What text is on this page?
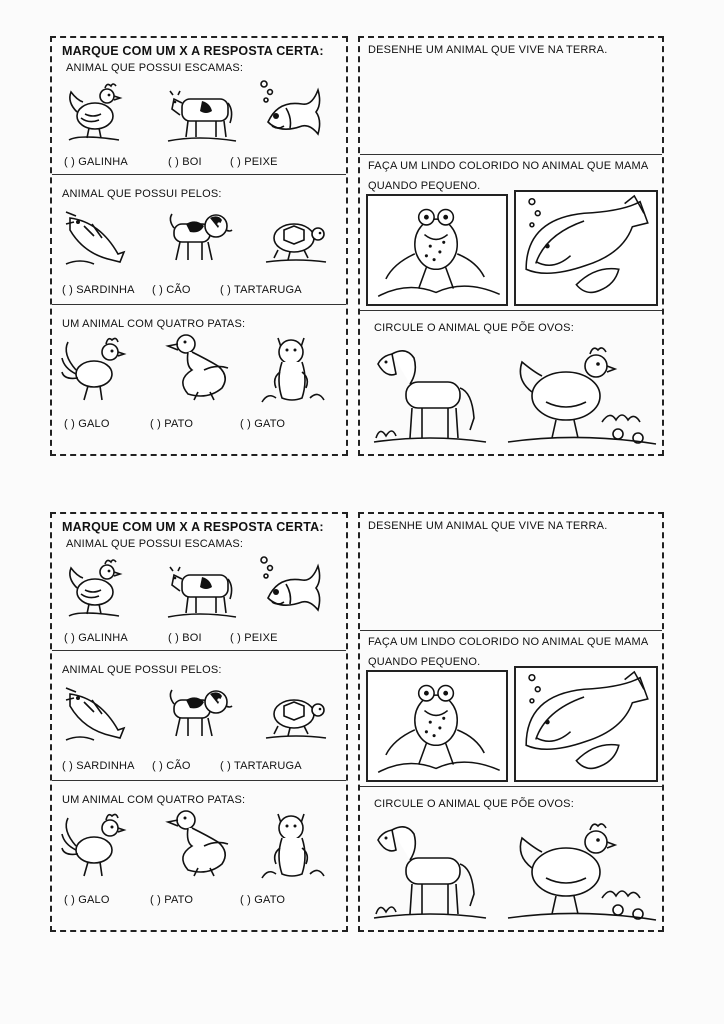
MARQUE COM UM X A RESPOSTA CERTA:
ANIMAL QUE POSSUI ESCAMAS:
( ) GALINHA	( ) BOI	( ) PEIXE
ANIMAL QUE POSSUI PELOS:
( ) SARDINHA ( ) CÃO	( ) TARTARUGA
UM ANIMAL COM QUATRO PATAS:
( ) GALO	( ) PATO	( ) GATO
DESENHE UM ANIMAL QUE VIVE NA TERRA.
FAÇA UM LINDO COLORIDO NO ANIMAL QUE MAMA
QUANDO PEQUENO.
CIRCULE O ANIMAL QUE PÕE OVOS:
MARQUE COM UM X A RESPOSTA CERTA:
ANIMAL QUE POSSUI ESCAMAS:
( ) GALINHA	( ) BOI	( ) PEIXE
ANIMAL QUE POSSUI PELOS:
( ) SARDINHA ( ) CÃO	( ) TARTARUGA
UM ANIMAL COM QUATRO PATAS:
( ) GALO	( ) PATO	( ) GATO
DESENHE UM ANIMAL QUE VIVE NA TERRA.
FAÇA UM LINDO COLORIDO NO ANIMAL QUE MAMA
QUANDO PEQUENO.
CIRCULE O ANIMAL QUE PÕE OVOS:
